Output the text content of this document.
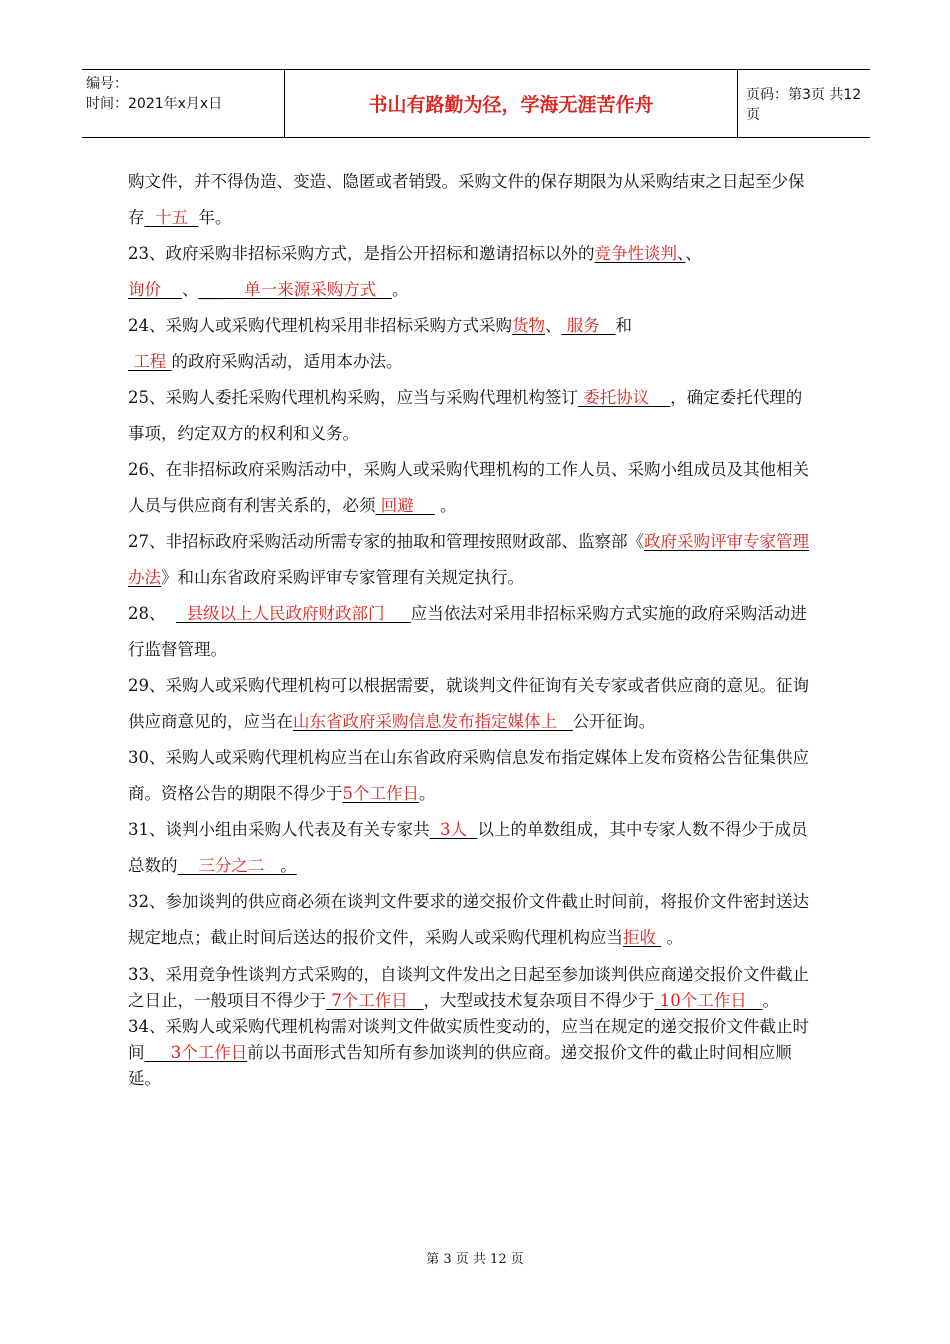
编号：
时间：2021年x月x日	书山有路勤为径，学海无涯苦作舟	页码：第3页 共12页

购文件，并不得伪造、变造、隐匿或者销毁。采购文件的保存期限为从采购结束之日起至少保存  十五  年。

23、政府采购非招标采购方式，是指公开招标和邀请招标以外的竞争性谈判、、
询价 、___    单一来源采购方式 。

24、采购人或采购代理机构采用非招标采购方式采购货物、 服务   和
工程 的政府采购活动，适用本办法。

25、采购人委托采购代理机构采购，应当与采购代理机构签订 委托协议    ，确定委托代理的事项，约定双方的权利和义务。

26、在非招标政府采购活动中，采购人或采购代理机构的工作人员、采购小组成员及其他相关人员与供应商有利害关系的，必须 回避     。

27、非招标政府采购活动所需专家的抽取和管理按照财政部、监察部《政府采购评审专家管理办法》和山东省政府采购评审专家管理有关规定执行。

28、    县级以上人民政府财政部门 应当依法对采用非招标采购方式实施的政府采购活动进行监督管理。

29、采购人或采购代理机构可以根据需要，就谈判文件征询有关专家或者供应商的意见。征询供应商意见的，应当在山东省政府采购信息发布指定媒体上 公开征询。

30、采购人或采购代理机构应当在山东省政府采购信息发布指定媒体上发布资格公告征集供应商。资格公告的期限不得少于5个工作日。

31、谈判小组由采购人代表及有关专家共  3人  以上的单数组成，其中专家人数不得少于成员总数的    三分之二   。

32、参加谈判的供应商必须在谈判文件要求的递交报价文件截止时间前，将报价文件密封送达规定地点；截止时间后送达的报价文件，采购人或采购代理机构应当拒收  。

33、采用竞争性谈判方式采购的，自谈判文件发出之日起至参加谈判供应商递交报价文件截止之日止，一般项目不得少于 7个工作日   ，大型或技术复杂项目不得少于 10个工作日   。

34、采购人或采购代理机构需对谈判文件做实质性变动的，应当在规定的递交报价文件截止时间     3个工作日前以书面形式告知所有参加谈判的供应商。递交报价文件的截止时间相应顺延。

第 3 页 共 12 页
